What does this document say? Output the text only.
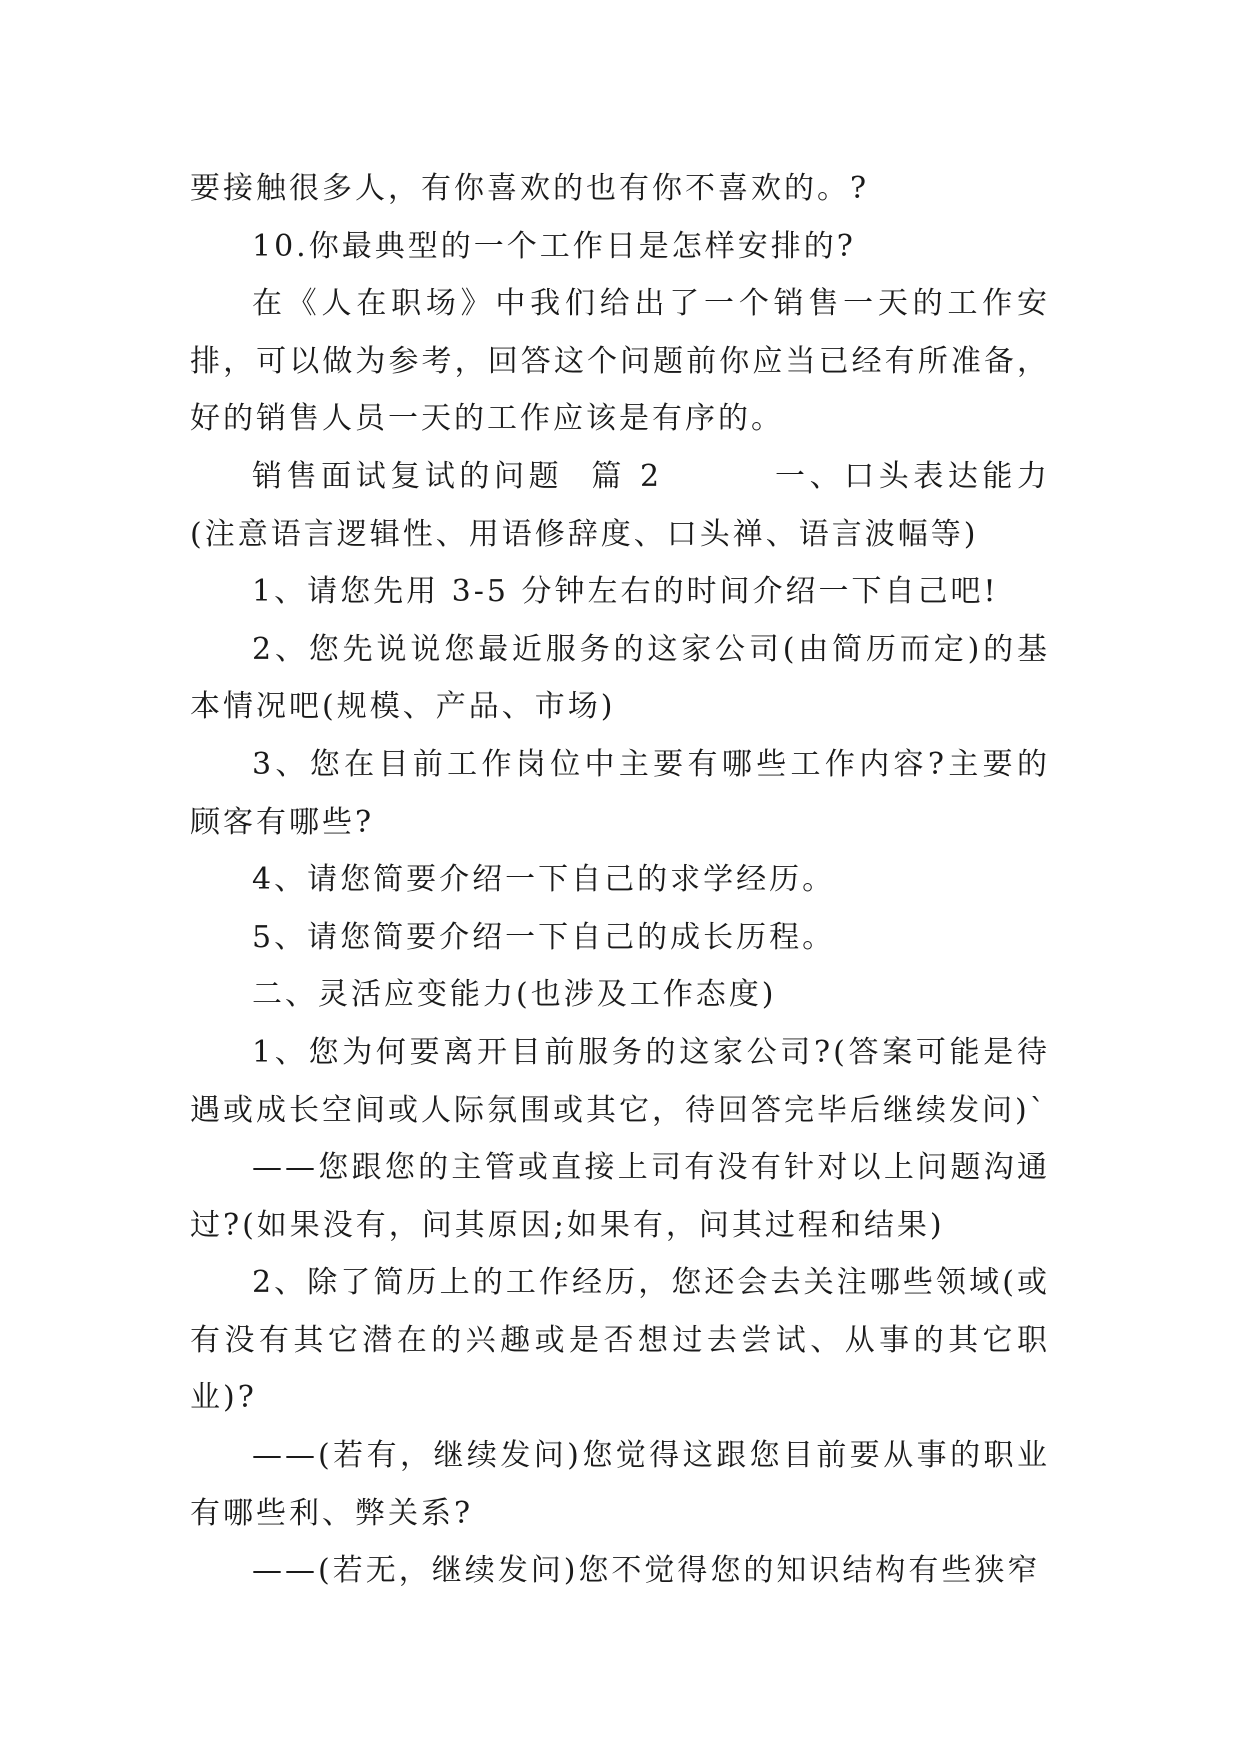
要接触很多人，有你喜欢的也有你不喜欢的。?

10.你最典型的一个工作日是怎样安排的?

在《人在职场》中我们给出了一个销售一天的工作安排，可以做为参考，回答这个问题前你应当已经有所准备，好的销售人员一天的工作应该是有序的。

销售面试复试的问题  篇 2        一、口头表达能力(注意语言逻辑性、用语修辞度、口头禅、语言波幅等)

1、请您先用 3-5 分钟左右的时间介绍一下自己吧!

2、您先说说您最近服务的这家公司(由简历而定)的基本情况吧(规模、产品、市场)

3、您在目前工作岗位中主要有哪些工作内容?主要的顾客有哪些?

4、请您简要介绍一下自己的求学经历。

5、请您简要介绍一下自己的成长历程。

二、灵活应变能力(也涉及工作态度)

1、您为何要离开目前服务的这家公司?(答案可能是待遇或成长空间或人际氛围或其它，待回答完毕后继续发问)`

——您跟您的主管或直接上司有没有针对以上问题沟通过?(如果没有，问其原因;如果有，问其过程和结果)

2、除了简历上的工作经历，您还会去关注哪些领域(或有没有其它潜在的兴趣或是否想过去尝试、从事的其它职业)?

——(若有，继续发问)您觉得这跟您目前要从事的职业有哪些利、弊关系?

——(若无，继续发问)您不觉得您的知识结构有些狭窄
